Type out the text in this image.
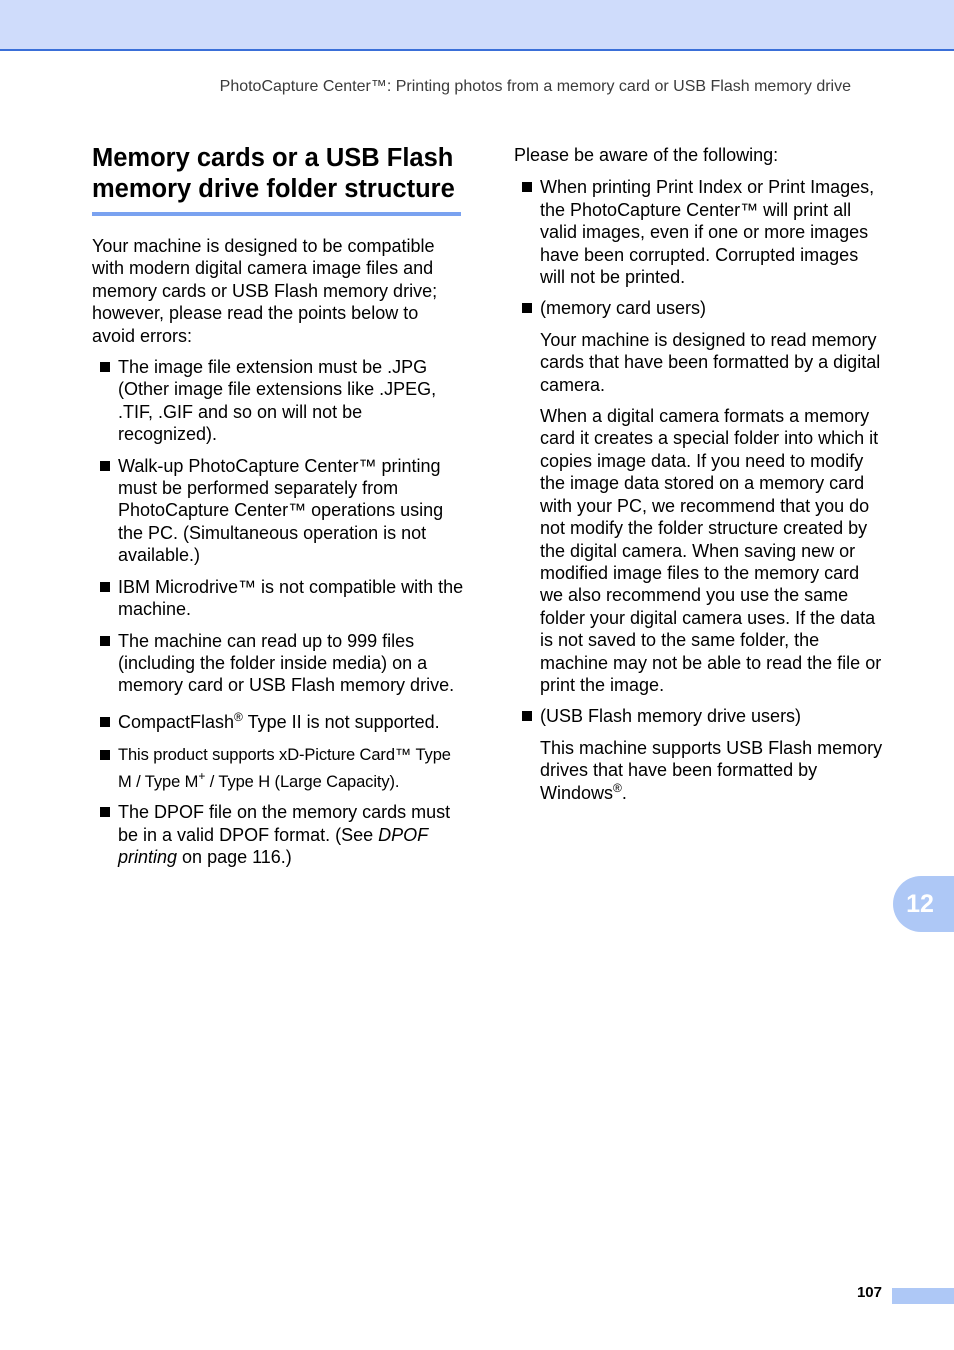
PhotoCapture Center™: Printing photos from a memory card or USB Flash memory drive
Memory cards or a USB Flash
memory drive folder structure

Your machine is designed to be compatible with modern digital camera image files and memory cards or USB Flash memory drive; however, please read the points below to avoid errors:

The image file extension must be .JPG (Other image file extensions like .JPEG, .TIF, .GIF and so on will not be recognized).
Walk-up PhotoCapture Center™ printing must be performed separately from PhotoCapture Center™ operations using the PC. (Simultaneous operation is not available.)
IBM Microdrive™ is not compatible with the machine.
The machine can read up to 999 files (including the folder inside media) on a memory card or USB Flash memory drive.
CompactFlash® Type II is not supported.
This product supports xD-Picture Card™ Type M / Type M+ / Type H (Large Capacity).
The DPOF file on the memory cards must be in a valid DPOF format. (See DPOF printing on page 116.)

Please be aware of the following:

When printing Print Index or Print Images, the PhotoCapture Center™ will print all valid images, even if one or more images have been corrupted. Corrupted images will not be printed.
(memory card users)

Your machine is designed to read memory cards that have been formatted by a digital camera.

When a digital camera formats a memory card it creates a special folder into which it copies image data. If you need to modify the image data stored on a memory card with your PC, we recommend that you do not modify the folder structure created by the digital camera. When saving new or modified image files to the memory card we also recommend you use the same folder your digital camera uses. If the data is not saved to the same folder, the machine may not be able to read the file or print the image.

(USB Flash memory drive users)

This machine supports USB Flash memory drives that have been formatted by Windows®.

12
107
